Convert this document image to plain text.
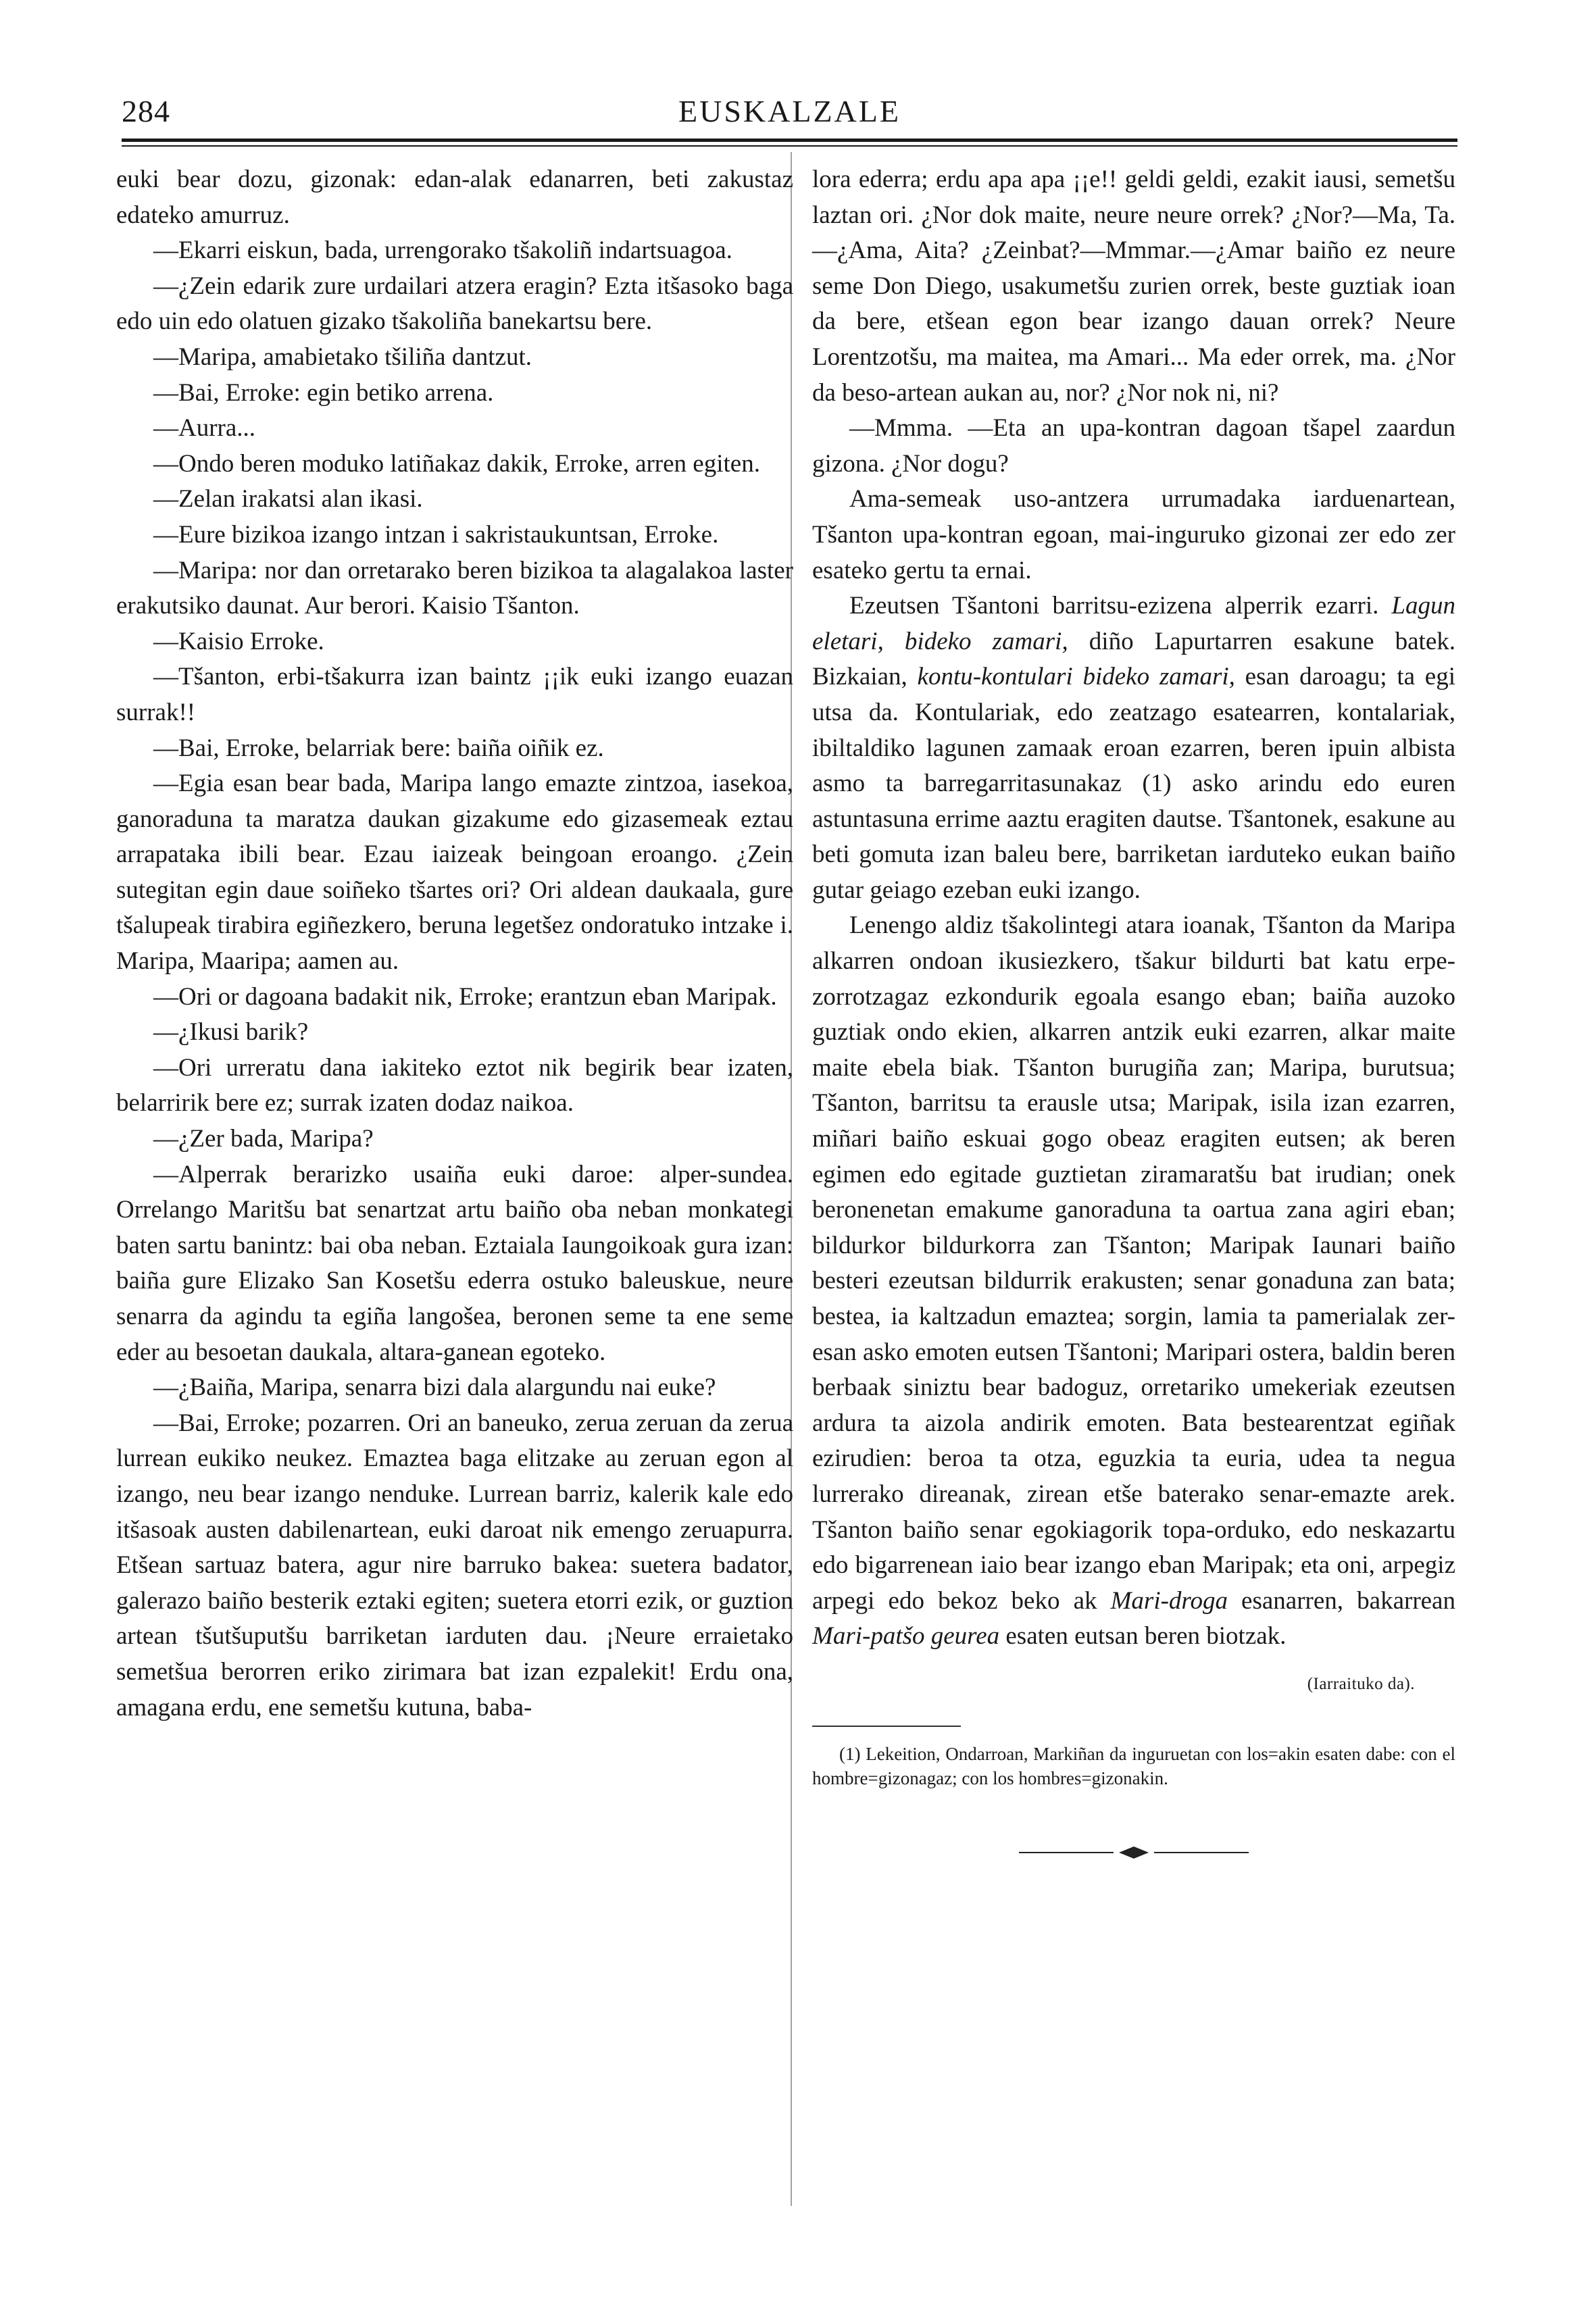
284	EUSKALZALE

euki bear dozu, gizonak: edan-alak edanarren, beti zakustaz edateko amurruz.

—Ekarri eiskun, bada, urrengorako tšakoliñ indartsuagoa.

—¿Zein edarik zure urdailari atzera eragin? Ezta itšasoko baga edo uin edo olatuen gizako tšakoliña banekartsu bere.

—Maripa, amabietako tšiliña dantzut.

—Bai, Erroke: egin betiko arrena.

—Aurra...

—Ondo beren moduko latiñakaz dakik, Erroke, arren egiten.

—Zelan irakatsi alan ikasi.

—Eure bizikoa izango intzan i sakristaukuntsan, Erroke.

—Maripa: nor dan orretarako beren bizikoa ta alagalakoa laster erakutsiko daunat. Aur berori. Kaisio Tšanton.

—Kaisio Erroke.

—Tšanton, erbi-tšakurra izan baintz ¡¡ik euki izango euazan surrak!!

—Bai, Erroke, belarriak bere: baiña oiñik ez.

—Egia esan bear bada, Maripa lango emazte zintzoa, iasekoa, ganoraduna ta maratza daukan gizakume edo gizasemeak eztau arrapataka ibili bear. Ezau iaizeak beingoan eroango. ¿Zein sutegitan egin daue soiñeko tšartes ori? Ori aldean daukaala, gure tšalupeak tirabira egiñezkero, beruna legetšez ondoratuko intzake i. Maripa, Maaripa; aamen au.

—Ori or dagoana badakit nik, Erroke; erantzun eban Maripak.

—¿Ikusi barik?

—Ori urreratu dana iakiteko eztot nik begirik bear izaten, belarririk bere ez; surrak izaten dodaz naikoa.

—¿Zer bada, Maripa?

—Alperrak berarizko usaiña euki daroe: alper-sundea. Orrelango Maritšu bat senartzat artu baiño oba neban monkategi baten sartu banintz: bai oba neban. Eztaiala Iaungoikoak gura izan: baiña gure Elizako San Kosetšu ederra ostuko baleuskue, neure senarra da agindu ta egiña langošea, beronen seme ta ene seme eder au besoetan daukala, altara-ganean egoteko.

—¿Baiña, Maripa, senarra bizi dala alargundu nai euke?

—Bai, Erroke; pozarren. Ori an baneuko, zerua zeruan da zerua lurrean eukiko neukez. Emaztea baga elitzake au zeruan egon al izango, neu bear izango nenduke. Lurrean barriz, kalerik kale edo itšasoak austen dabilenartean, euki daroat nik emengo zeruapurra. Etšean sartuaz batera, agur nire barruko bakea: suetera badator, galerazo baiño besterik eztaki egiten; suetera etorri ezik, or guztion artean tšutšuputšu barriketan iarduten dau. ¡Neure erraietako semetšua berorren eriko zirimara bat izan ezpalekit! Erdu ona, amagana erdu, ene semetšu kutuna, baba-

lora ederra; erdu apa apa ¡¡e!! geldi geldi, ezakit iausi, semetšu laztan ori. ¿Nor dok maite, neure neure orrek? ¿Nor?—Ma, Ta.—¿Ama, Aita? ¿Zeinbat?—Mmmar.—¿Amar baiño ez neure seme Don Diego, usakumetšu zurien orrek, beste guztiak ioan da bere, etšean egon bear izango dauan orrek? Neure Lorentzotšu, ma maitea, ma Amari... Ma eder orrek, ma. ¿Nor da beso-artean aukan au, nor? ¿Nor nok ni, ni?

—Mmma. —Eta an upa-kontran dagoan tšapel zaardun gizona. ¿Nor dogu?

Ama-semeak uso-antzera urrumadaka iarduenartean, Tšanton upa-kontran egoan, mai-inguruko gizonai zer edo zer esateko gertu ta ernai.

Ezeutsen Tšantoni barritsu-ezizena alperrik ezarri. Lagun eletari, bideko zamari, diño Lapurtarren esakune batek. Bizkaian, kontu-kontulari bideko zamari, esan daroagu; ta egi utsa da. Kontulariak, edo zeatzago esatearren, kontalariak, ibiltaldiko lagunen zamaak eroan ezarren, beren ipuin albista asmo ta barregarritasunakaz (1) asko arindu edo euren astuntasuna errime aaztu eragiten dautse. Tšantonek, esakune au beti gomuta izan baleu bere, barriketan iarduteko eukan baiño gutar geiago ezeban euki izango.

Lenengo aldiz tšakolintegi atara ioanak, Tšanton da Maripa alkarren ondoan ikusiezkero, tšakur bildurti bat katu erpe-zorrotzagaz ezkondurik egoala esango eban; baiña auzoko guztiak ondo ekien, alkarren antzik euki ezarren, alkar maite maite ebela biak. Tšanton burugiña zan; Maripa, burutsua; Tšanton, barritsu ta erausle utsa; Maripak, isila izan ezarren, miñari baiño eskuai gogo obeaz eragiten eutsen; ak beren egimen edo egitade guztietan ziramaratšu bat irudian; onek beronenetan emakume ganoraduna ta oartua zana agiri eban; bildurkor bildurkorra zan Tšanton; Maripak Iaunari baiño besteri ezeutsan bildurrik erakusten; senar gonaduna zan bata; bestea, ia kaltzadun emaztea; sorgin, lamia ta pamerialak zer-esan asko emoten eutsen Tšantoni; Maripari ostera, baldin beren berbaak siniztu bear badoguz, orretariko umekeriak ezeutsen ardura ta aizola andirik emoten. Bata bestearentzat egiñak ezirudien: beroa ta otza, eguzkia ta euria, udea ta negua lurrerako direanak, zirean etše baterako senar-emazte arek. Tšanton baiño senar egokiagorik topa-orduko, edo neskazartu edo bigarrenean iaio bear izango eban Maripak; eta oni, arpegiz arpegi edo bekoz beko ak Mari-droga esanarren, bakarrean Mari-patšo geurea esaten eutsan beren biotzak.

(Iarraituko da).

(1) Lekeition, Ondarroan, Markiñan da inguruetan con los=akin esaten dabe: con el hombre=gizonagaz; con los hombres=gizonakin.
